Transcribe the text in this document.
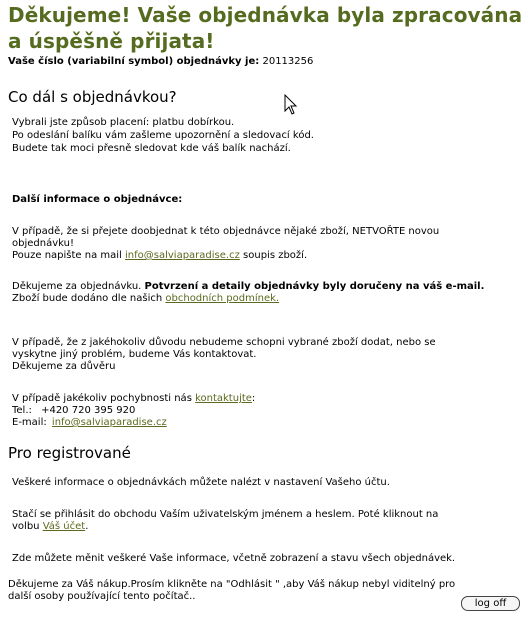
Děkujeme! Vaše objednávka byla zpracována a úspěšně přijata!
Vaše číslo (variabilní symbol) objednávky je: 20113256
Co dál s objednávkou?
Vybrali jste způsob placení: platbu dobírkou.
Po odeslání balíku vám zašleme upozornění a sledovací kód.
Budete tak moci přesně sledovat kde váš balík nachází.
Další informace o objednávce:
V případě, že si přejete doobjednat k této objednávce nějaké zboží, NETVOŘTE novou
objednávku!
Pouze napište na mail info@salviaparadise.cz soupis zboží.
Děkujeme za objednávku. Potvrzení a detaily objednávky byly doručeny na váš e-mail.
Zboží bude dodáno dle našich obchodních podmínek.
V případě, že z jakéhokoliv důvodu nebudeme schopni vybrané zboží dodat, nebo se
vyskytne jiný problém, budeme Vás kontaktovat.
Děkujeme za důvěru
V případě jakékoliv pochybnosti nás kontaktujte:
Tel.: +420 720 395 920
E-mail: info@salviaparadise.cz
Pro registrované
Veškeré informace o objednávkách můžete nalézt v nastavení Vašeho účtu.
Stačí se přihlásit do obchodu Vaším uživatelským jménem a heslem. Poté kliknout na
volbu Váš účet.
Zde můžete měnit veškeré Vaše informace, včetně zobrazení a stavu všech objednávek.
Děkujeme za Váš nákup.Prosím klikněte na "Odhlásit " ,aby Váš nákup nebyl viditelný pro
další osoby používající tento počítač..
log off
